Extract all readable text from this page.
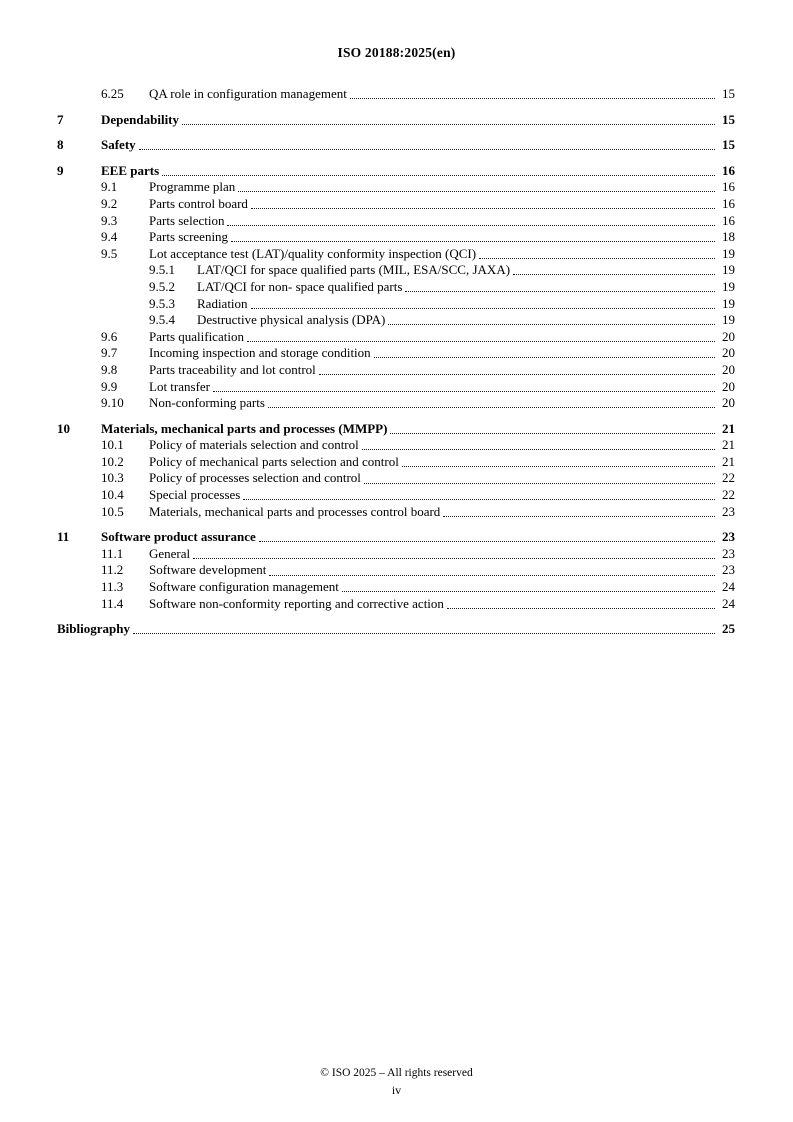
ISO 20188:2025(en)
6.25	QA role in configuration management	15
7	Dependability	15
8	Safety	15
9	EEE parts	16
9.1	Programme plan	16
9.2	Parts control board	16
9.3	Parts selection	16
9.4	Parts screening	18
9.5	Lot acceptance test (LAT)/quality conformity inspection (QCI)	19
9.5.1	LAT/QCI for space qualified parts (MIL, ESA/SCC, JAXA)	19
9.5.2	LAT/QCI for non- space qualified parts	19
9.5.3	Radiation	19
9.5.4	Destructive physical analysis (DPA)	19
9.6	Parts qualification	20
9.7	Incoming inspection and storage condition	20
9.8	Parts traceability and lot control	20
9.9	Lot transfer	20
9.10	Non-conforming parts	20
10	Materials, mechanical parts and processes (MMPP)	21
10.1	Policy of materials selection and control	21
10.2	Policy of mechanical parts selection and control	21
10.3	Policy of processes selection and control	22
10.4	Special processes	22
10.5	Materials, mechanical parts and processes control board	23
11	Software product assurance	23
11.1	General	23
11.2	Software development	23
11.3	Software configuration management	24
11.4	Software non-conformity reporting and corrective action	24
Bibliography	25
© ISO 2025 – All rights reserved
iv
